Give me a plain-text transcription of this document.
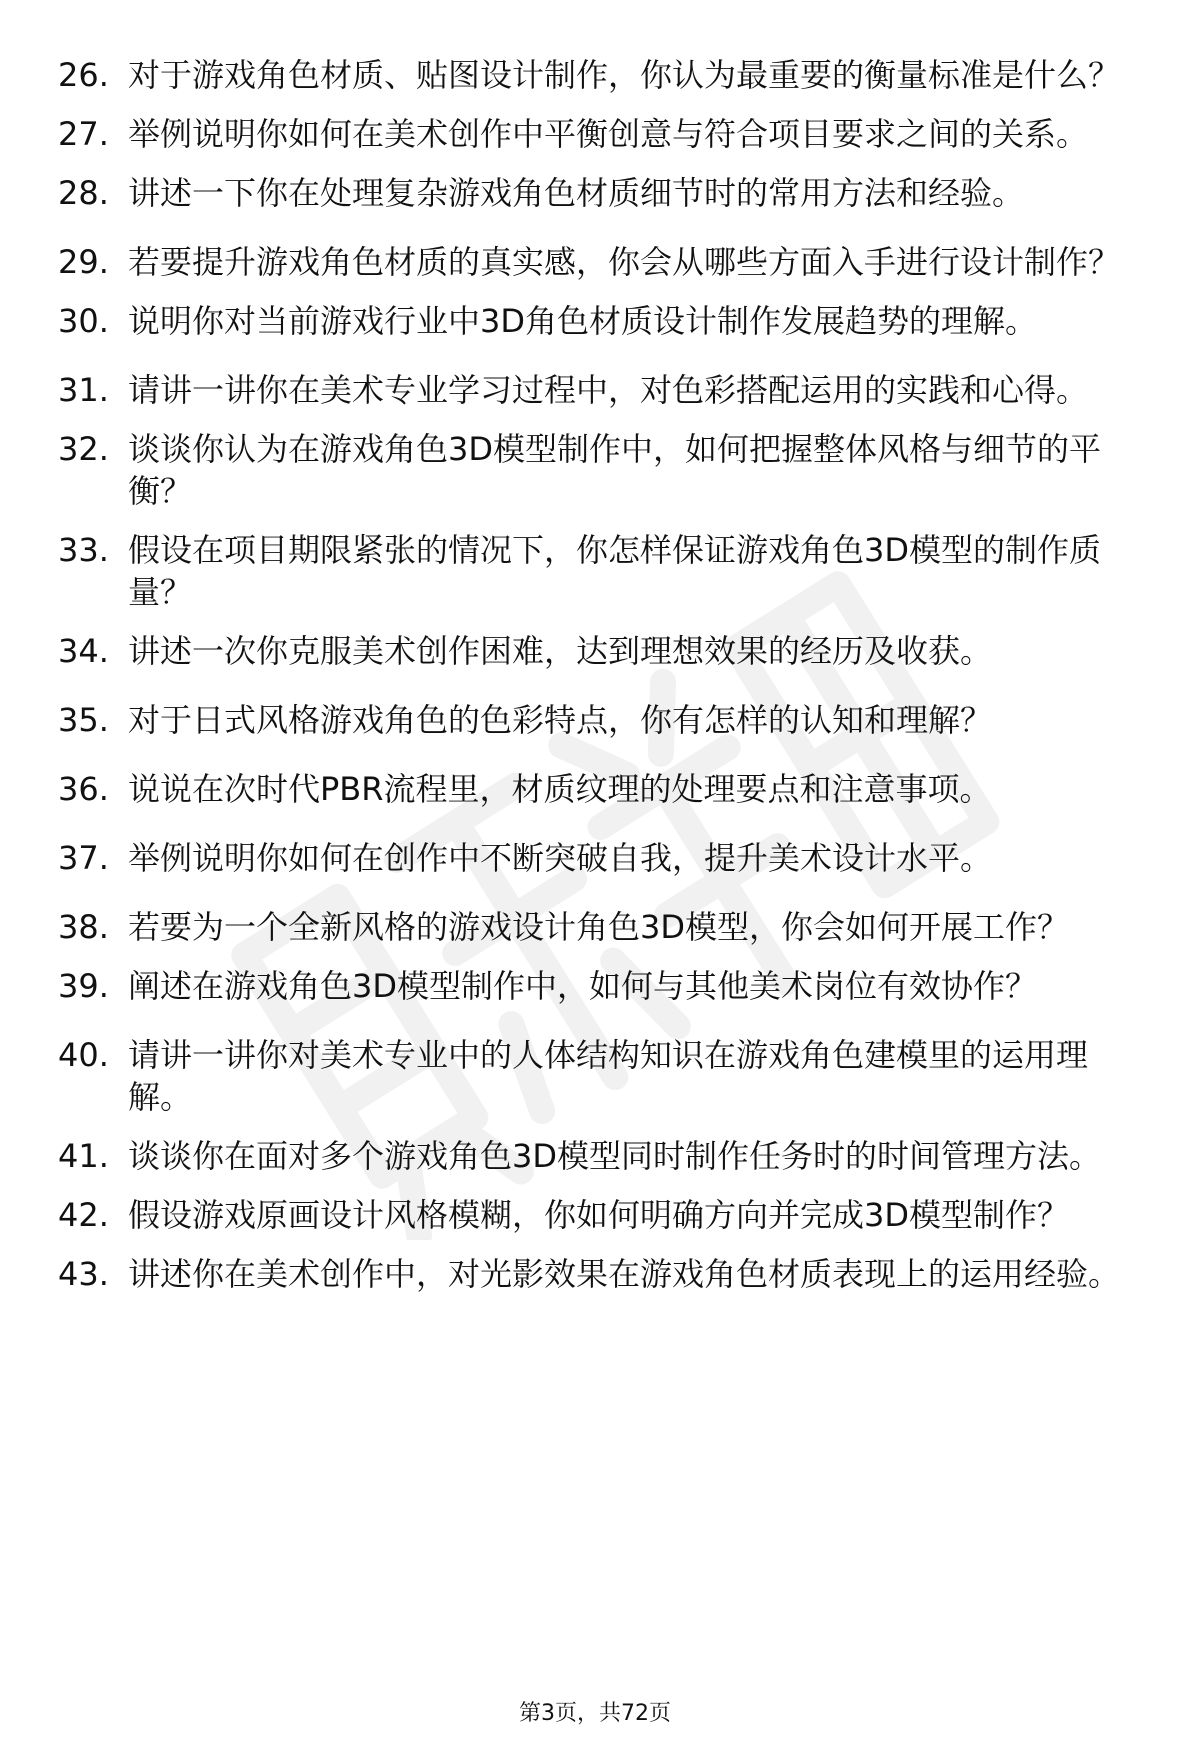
26. 对于游戏角色材质、贴图设计制作，你认为最重要的衡量标准是什么？
27. 举例说明你如何在美术创作中平衡创意与符合项目要求之间的关系。
28. 讲述一下你在处理复杂游戏角色材质细节时的常用方法和经验。
29. 若要提升游戏角色材质的真实感，你会从哪些方面入手进行设计制作？
30. 说明你对当前游戏行业中3D角色材质设计制作发展趋势的理解。
31. 请讲一讲你在美术专业学习过程中，对色彩搭配运用的实践和心得。
32. 谈谈你认为在游戏角色3D模型制作中，如何把握整体风格与细节的平衡？
33. 假设在项目期限紧张的情况下，你怎样保证游戏角色3D模型的制作质量？
34. 讲述一次你克服美术创作困难，达到理想效果的经历及收获。
35. 对于日式风格游戏角色的色彩特点，你有怎样的认知和理解？
36. 说说在次时代PBR流程里，材质纹理的处理要点和注意事项。
37. 举例说明你如何在创作中不断突破自我，提升美术设计水平。
38. 若要为一个全新风格的游戏设计角色3D模型，你会如何开展工作？
39. 阐述在游戏角色3D模型制作中，如何与其他美术岗位有效协作？
40. 请讲一讲你对美术专业中的人体结构知识在游戏角色建模里的运用理解。
41. 谈谈你在面对多个游戏角色3D模型同时制作任务时的时间管理方法。
42. 假设游戏原画设计风格模糊，你如何明确方向并完成3D模型制作？
43. 讲述你在美术创作中，对光影效果在游戏角色材质表现上的运用经验。
第3页，共72页
